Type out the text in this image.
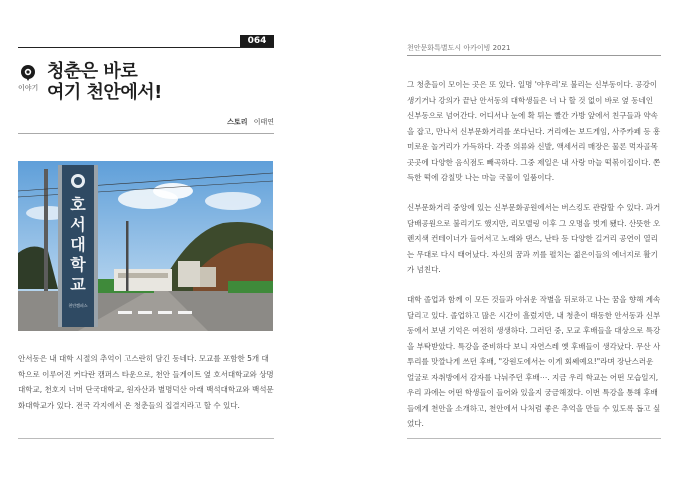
064
이야기
청춘은 바로
여기 천안에서!
스토리 이태연
호서대학교
천안캠퍼스
안서동은 내 대학 시절의 추억이 고스란히 담긴 동네다. 모교를 포함한 5개 대학으로 이루어진 커다란 캠퍼스 타운으로, 천안 들게이트 옆 호서대학교와 상명대학교, 천호지 너머 단국대학교, 원자산과 별명덕산 아래 백석대학교와 백석문화대학교가 있다. 전국 각지에서 온 청춘들의 집결지라고 할 수 있다.
천안문화특별도시 아카이빙 2021

그 청춘들이 모이는 곳은 또 있다. 일명 '야우리'로 불리는 신부동이다. 공강이 생기거나 강의가 끝난 안서동의 대학생들은 너 나 할 것 없이 바로 옆 동네인 신부동으로 넘어간다. 어디서나 눈에 확 튀는 빨간 가방 앞에서 친구들과 약속을 잡고, 만나서 신부문화거리를 쏘다닌다. 거리에는 보드게임, 사주카페 등 흥미로운 놀거리가 가득하다. 각종 의류와 신발, 액세서리 매장은 물론 먹자골목 곳곳에 다양한 음식점도 빼곡하다. 그중 제일은 내 사랑 마늘 떡볶이집이다. 쫀득한 떡에 감칠맛 나는 마늘 국물이 일품이다.

신부문화거리 중앙에 있는 신부문화공원에서는 버스킹도 관람할 수 있다. 과거 담배공원으로 불리기도 했지만, 리모델링 이후 그 오명을 벗게 됐다. 산뜻한 오렌지색 컨테이너가 들어서고 노래와 댄스, 난타 등 다양한 길거리 공연이 열리는 무대로 다시 태어났다. 자신의 꿈과 끼를 펼치는 젊은이들의 에너지로 활기가 넘친다.

대학 졸업과 함께 이 모든 것들과 아쉬운 작별을 뒤로하고 나는 꿈을 향해 계속 달리고 있다. 졸업하고 많은 시간이 흘렀지만, 내 청춘이 태동한 안서동과 신부동에서 보낸 기억은 여전히 생생하다. 그러던 중, 모교 후배들을 대상으로 특강을 부탁받았다. 특강을 준비하다 보니 자연스레 옛 후배들이 생각났다. 무산 사투리를 맛깔나게 쓰던 후배, "강원도에서는 이게 회쎄예요!"라며 장난스러운 얼굴로 자취방에서 감자를 나눠주던 후배⋯. 지금 우리 학교는 어떤 모습일지, 우리 과에는 어떤 학생들이 들어와 있을지 궁금해졌다. 이번 특강을 통해 후배들에게 천안을 소개하고, 천안에서 나처럼 좋은 추억을 만들 수 있도록 돕고 싶었다.
